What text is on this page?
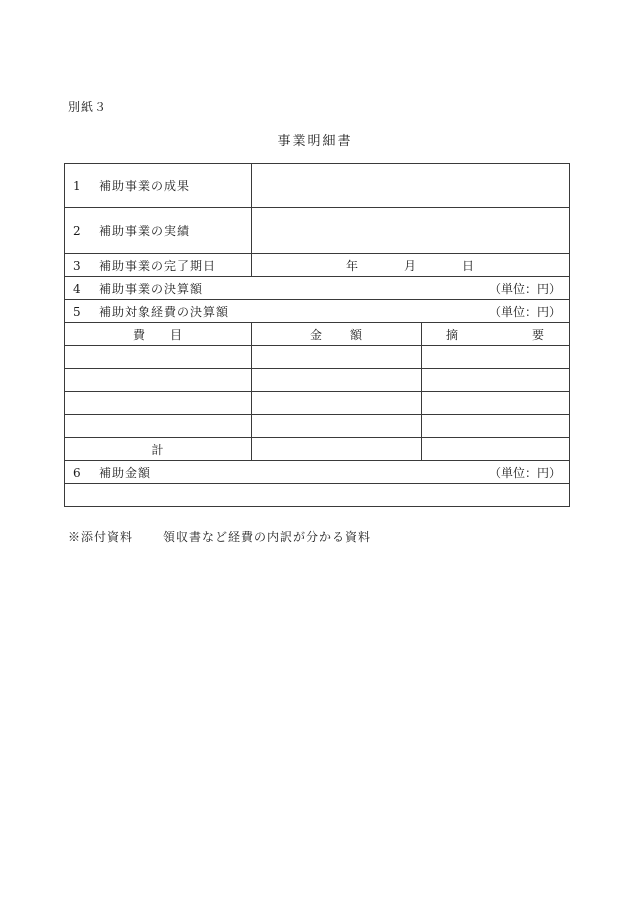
別紙３
事業明細書
1 補助事業の成果		
2 補助事業の実績		
3 補助事業の完了期日	年 月 日	

4 補助事業の決算額 （単位：円）		

5 補助対象経費の決算額 （単位：円）		

費 目	金 額	摘 要

計		
6 補助金額 （単位：円）		

※添付資料	領収書など経費の内訳が分かる資料
